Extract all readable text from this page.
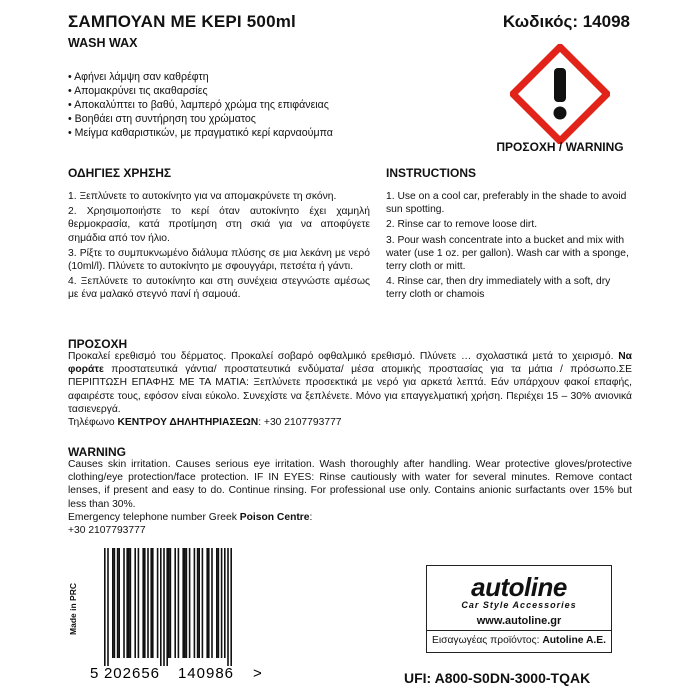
ΣΑΜΠΟΥΑΝ ΜΕ ΚΕΡΙ 500ml
WASH WAX
Κωδικός: 14098
• Αφήνει λάμψη σαν καθρέφτη
• Απομακρύνει τις ακαθαρσίες
• Αποκαλύπτει το βαθύ, λαμπερό χρώμα της επιφάνειας
• Βοηθάει στη συντήρηση του χρώματος
• Μείγμα καθαριστικών, με πραγματικό κερί καρναούμπα
ΠΡΟΣΟΧΗ / WARNING
ΟΔΗΓΙΕΣ ΧΡΗΣΗΣ

1. Ξεπλύνετε το αυτοκίνητο για να απομακρύνετε τη σκόνη.

2. Χρησιμοποιήστε το κερί όταν αυτοκίνητο έχει χαμηλή θερμοκρασία, κατά προτίμηση στη σκιά για να αποφύγετε σημάδια από τον ήλιο.

3. Ρίξτε το συμπυκνωμένο διάλυμα πλύσης σε μια λεκάνη με νερό (10ml/l). Πλύνετε το αυτοκίνητο με σφουγγάρι, πετσέτα ή γάντι.

4. Ξεπλύνετε το αυτοκίνητο και στη συνέχεια στεγνώστε αμέσως με ένα μαλακό στεγνό πανί ή σαμουά.

INSTRUCTIONS

1. Use on a cool car, preferably in the shade to avoid sun spotting.

2. Rinse car to remove loose dirt.

3. Pour wash concentrate into a bucket and mix with water (use 1 oz. per gallon). Wash car with a sponge, terry cloth or mitt.

4. Rinse car, then dry immediately with a soft, dry terry cloth or chamois

ΠΡΟΣΟΧΗ

Προκαλεί ερεθισμό του δέρματος. Προκαλεί σοβαρό οφθαλμικό ερεθισμό. Πλύνετε … σχολαστικά μετά το χειρισμό. Να φοράτε προστατευτικά γάντια/ προστατευτικά ενδύματα/ μέσα ατομικής προστασίας για τα μάτια / πρόσωπο.ΣΕ ΠΕΡΙΠΤΩΣΗ ΕΠΑΦΗΣ ΜΕ ΤΑ ΜΑΤΙΑ: Ξεπλύνετε προσεκτικά με νερό για αρκετά λεπτά. Εάν υπάρχουν φακοί επαφής, αφαιρέστε τους, εφόσον είναι εύκολο. Συνεχίστε να ξεπλένετε. Μόνο για επαγγελματική χρήση. Περιέχει 15 – 30% ανιονικά τασιενεργά.

Τηλέφωνο ΚΕΝΤΡΟΥ ΔΗΛΗΤΗΡΙΑΣΕΩΝ: +30 2107793777

WARNING

Causes skin irritation. Causes serious eye irritation. Wash thoroughly after handling. Wear protective gloves/protective clothing/eye protection/face protection. IF IN EYES: Rinse cautiously with water for several minutes. Remove contact lenses, if present and easy to do. Continue rinsing. For professional use only. Contains anionic surfactants over 15% but less than 30%.

Emergency telephone number Greek Poison Centre:

+30 2107793777

Made in PRC
5 202656 140986 >
autoline
Car Style Accessories
www.autoline.gr
Εισαγωγέας προϊόντος: Autoline A.E.
UFI: A800-S0DN-3000-TQAK
